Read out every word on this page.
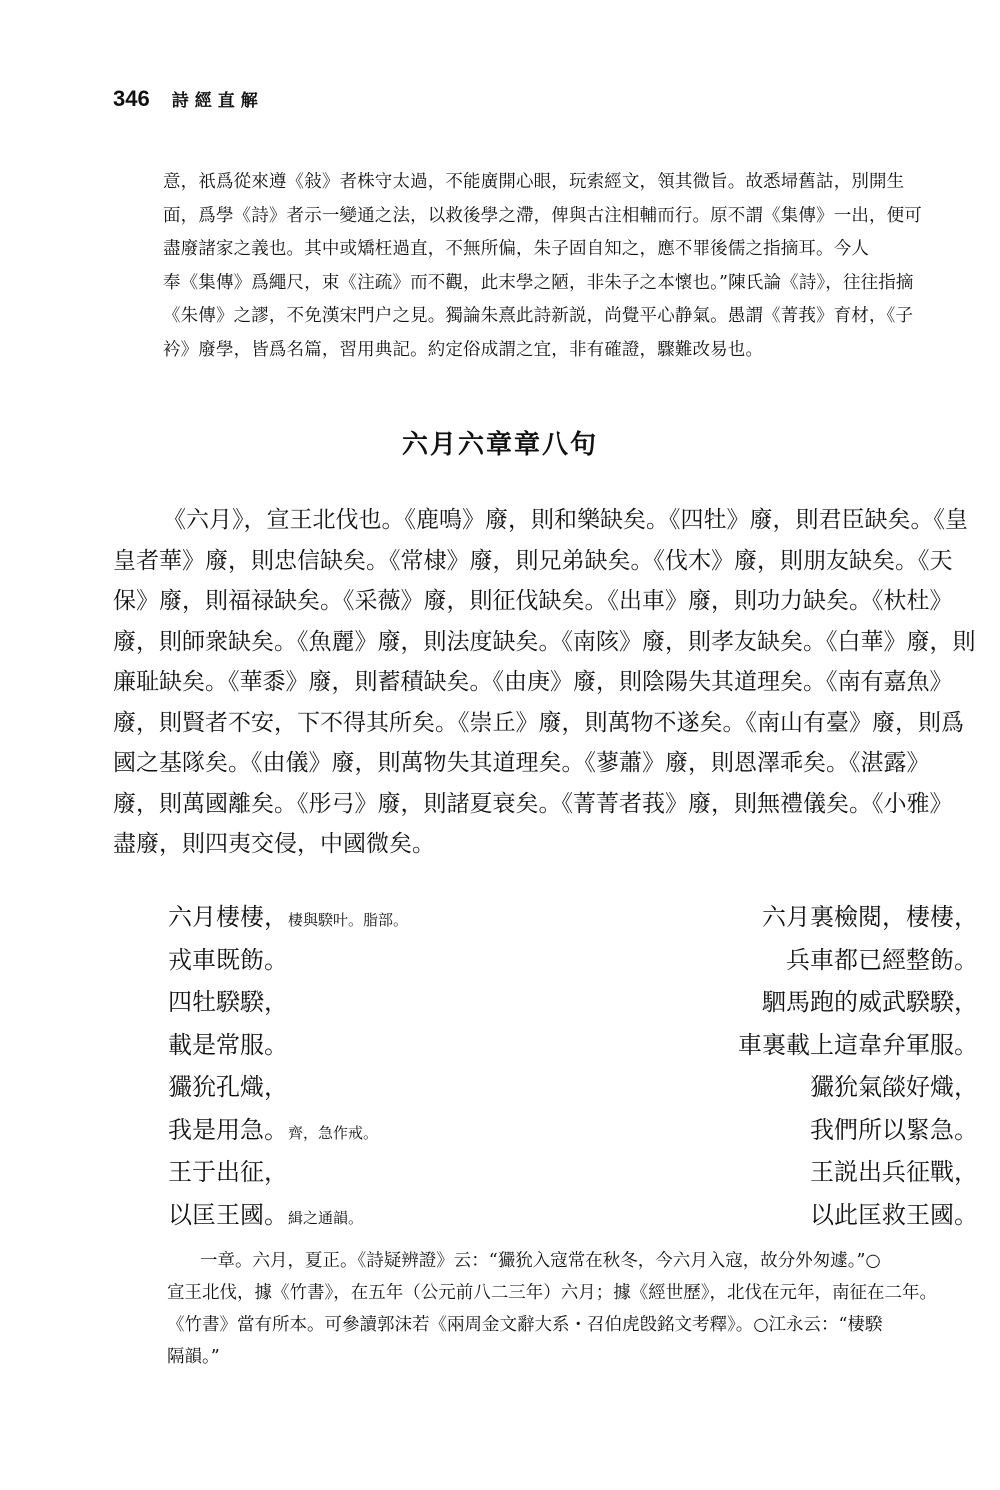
346 詩經直解
意，祇爲從來遵《敍》者株守太過，不能廣開心眼，玩索經文，領其微旨。故悉埽舊詁，別開生
面，爲學《詩》者示一變通之法，以救後學之滯，俾與古注相輔而行。原不謂《集傳》一出，便可
盡廢諸家之義也。其中或矯枉過直，不無所偏，朱子固自知之，應不罪後儒之指摘耳。今人
奉《集傳》爲繩尺，束《注疏》而不觀，此末學之陋，非朱子之本懷也。”陳氏論《詩》，往往指摘
《朱傳》之謬，不免漢宋門户之見。獨論朱熹此詩新説，尚覺平心静氣。愚謂《菁莪》育材，《子
衿》廢學，皆爲名篇，習用典記。約定俗成謂之宜，非有確證，驟難改易也。
六月六章章八句
《六月》，宣王北伐也。《鹿鳴》廢，則和樂缺矣。《四牡》廢，則君臣缺矣。《皇
皇者華》廢，則忠信缺矣。《常棣》廢，則兄弟缺矣。《伐木》廢，則朋友缺矣。《天
保》廢，則福禄缺矣。《采薇》廢，則征伐缺矣。《出車》廢，則功力缺矣。《杕杜》
廢，則師衆缺矣。《魚麗》廢，則法度缺矣。《南陔》廢，則孝友缺矣。《白華》廢，則
廉耻缺矣。《華黍》廢，則蓄積缺矣。《由庚》廢，則陰陽失其道理矣。《南有嘉魚》
廢，則賢者不安，下不得其所矣。《崇丘》廢，則萬物不遂矣。《南山有臺》廢，則爲
國之基隊矣。《由儀》廢，則萬物失其道理矣。《蓼蕭》廢，則恩澤乖矣。《湛露》
廢，則萬國離矣。《彤弓》廢，則諸夏衰矣。《菁菁者莪》廢，則無禮儀矣。《小雅》
盡廢，則四夷交侵，中國微矣。
六月棲棲，棲與騤叶。脂部。	六月裏檢閱，棲棲，
戎車既飭。	兵車都已經整飭。
四牡騤騤，	駟馬跑的威武騤騤，
載是常服。	車裏載上這韋弁軍服。
玁狁孔熾，	玁狁氣燄好熾，
我是用急。齊，急作戒。	我們所以緊急。
王于出征，	王説出兵征戰，
以匡王國。緝之通韻。	以此匡救王國。
一章。六月，夏正。《詩疑辨證》云：“玁狁入寇常在秋冬，今六月入寇，故分外匆遽。”○
宣王北伐，據《竹書》，在五年（公元前八二三年）六月；據《經世歷》，北伐在元年，南征在二年。
《竹書》當有所本。可參讀郭沫若《兩周金文辭大系・召伯虎𣪘銘文考釋》。○江永云：“棲騤
隔韻。”
